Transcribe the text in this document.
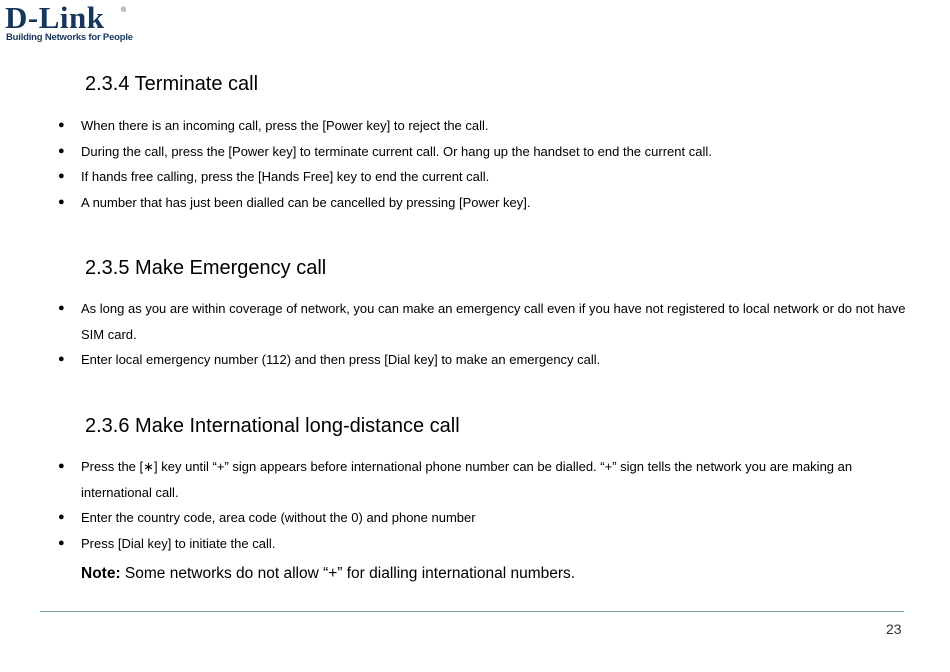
D-Link ®
Building Networks for People
2.3.4 Terminate call
● When there is an incoming call, press the [Power key] to reject the call.
● During the call, press the [Power key] to terminate current call. Or hang up the handset to end the current call.
● If hands free calling, press the [Hands Free] key to end the current call.
● A number that has just been dialled can be cancelled by pressing [Power key].
2.3.5 Make Emergency call
● As long as you are within coverage of network, you can make an emergency call even if you have not registered to local network or do not have SIM card.
● Enter local emergency number (112) and then press [Dial key] to make an emergency call.
2.3.6 Make International long-distance call
● Press the [∗] key until “+” sign appears before international phone number can be dialled. “+” sign tells the network you are making an international call.
● Enter the country code, area code (without the 0) and phone number
● Press [Dial key] to initiate the call.
Note: Some networks do not allow “+” for dialling international numbers.
23
